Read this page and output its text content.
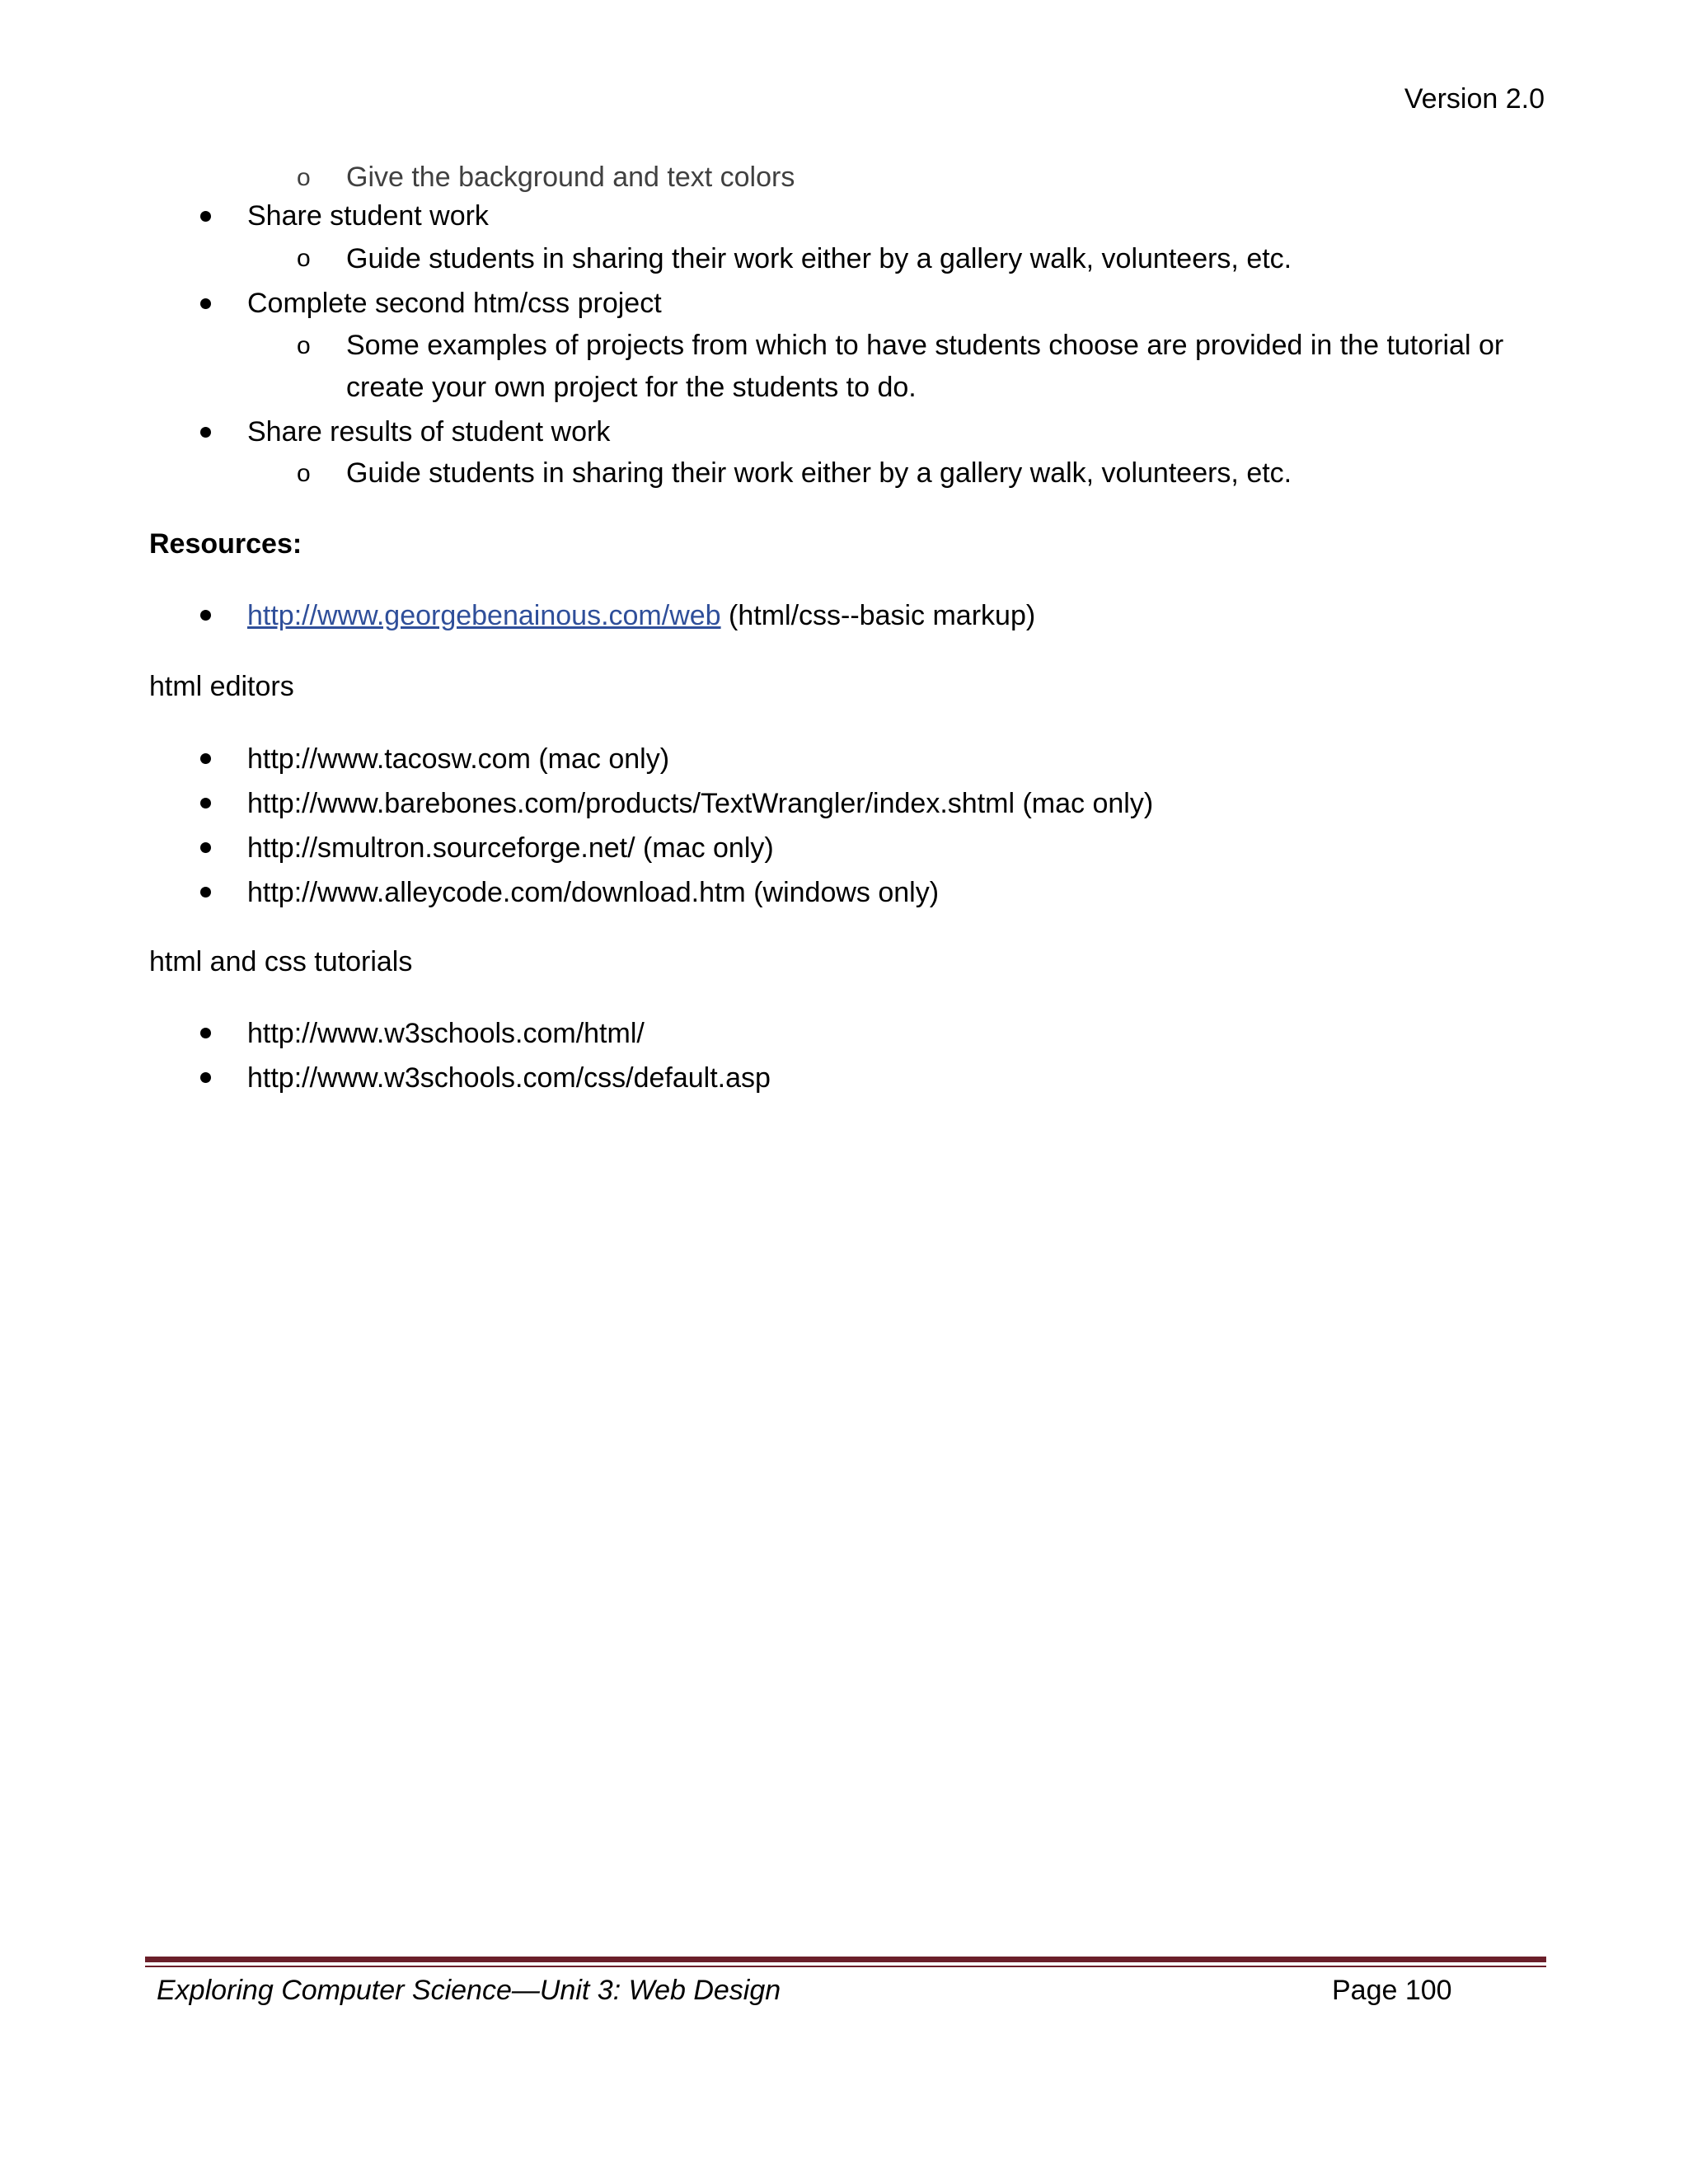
Version 2.0
o Give the background and text colors
Share student work
o Guide students in sharing their work either by a gallery walk, volunteers, etc.
Complete second htm/css project
o Some examples of projects from which to have students choose are provided in the tutorial or
create your own project for the students to do.
Share results of student work
o Guide students in sharing their work either by a gallery walk, volunteers, etc.
Resources:
http://www.georgebenainous.com/web (html/css--basic markup)
html editors
http://www.tacosw.com (mac only)
http://www.barebones.com/products/TextWrangler/index.shtml (mac only)
http://smultron.sourceforge.net/ (mac only)
http://www.alleycode.com/download.htm (windows only)
html and css tutorials
http://www.w3schools.com/html/
http://www.w3schools.com/css/default.asp
Exploring Computer Science—Unit 3: Web Design	Page 100
